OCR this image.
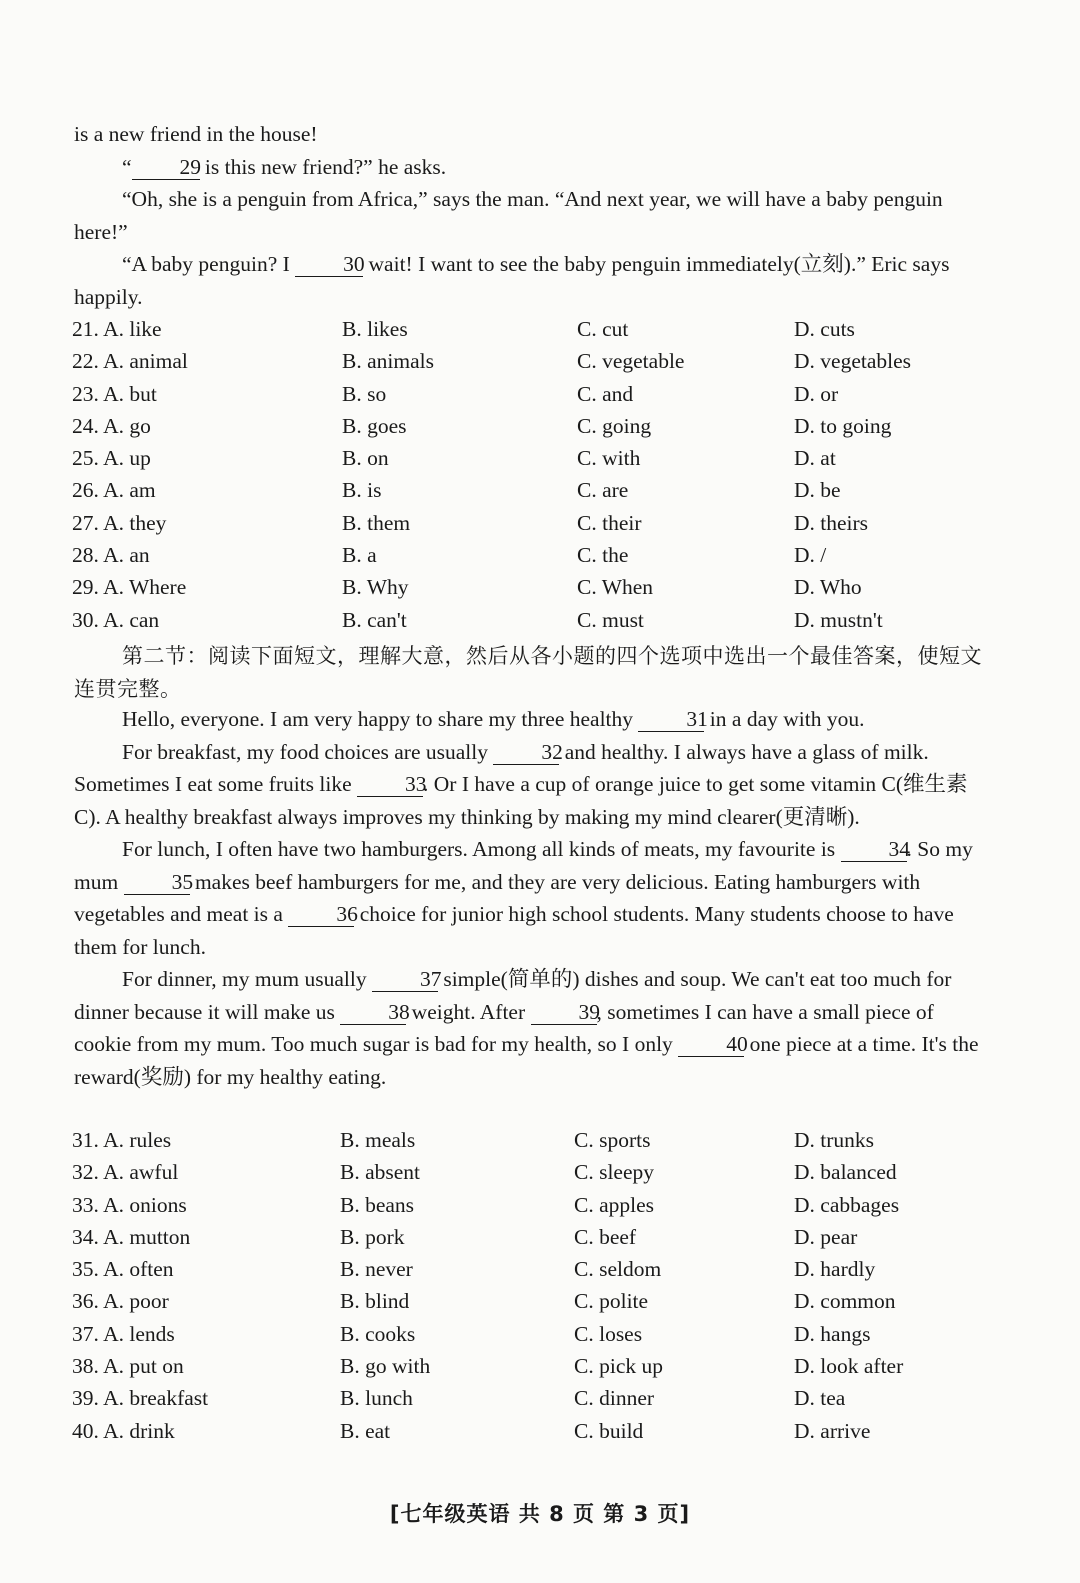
is a new friend in the house!

“ 29 is this new friend?” he asks.

“Oh, she is a penguin from Africa,” says the man. “And next year, we will have a baby penguin here!”

“A baby penguin? I 30 wait! I want to see the baby penguin immediately(立刻).” Eric says happily.

21. A. like	B. likes	C. cut	D. cuts
22. A. animal	B. animals	C. vegetable	D. vegetables
23. A. but	B. so	C. and	D. or
24. A. go	B. goes	C. going	D. to going
25. A. up	B. on	C. with	D. at
26. A. am	B. is	C. are	D. be
27. A. they	B. them	C. their	D. theirs
28. A. an	B. a	C. the	D. /
29. A. Where	B. Why	C. When	D. Who
30. A. can	B. can't	C. must	D. mustn't

第二节：阅读下面短文，理解大意，然后从各小题的四个选项中选出一个最佳答案，使短文连贯完整。

Hello, everyone. I am very happy to share my three healthy 31 in a day with you.

For breakfast, my food choices are usually 32 and healthy. I always have a glass of milk. Sometimes I eat some fruits like 33. Or I have a cup of orange juice to get some vitamin C(维生素 C). A healthy breakfast always improves my thinking by making my mind clearer(更清晰).

For lunch, I often have two hamburgers. Among all kinds of meats, my favourite is 34. So my mum 35 makes beef hamburgers for me, and they are very delicious. Eating hamburgers with vegetables and meat is a 36 choice for junior high school students. Many students choose to have them for lunch.

For dinner, my mum usually 37 simple(简单的) dishes and soup. We can't eat too much for dinner because it will make us 38 weight. After 39, sometimes I can have a small piece of cookie from my mum. Too much sugar is bad for my health, so I only 40 one piece at a time. It's the reward(奖励) for my healthy eating.

31. A. rules	B. meals	C. sports	D. trunks
32. A. awful	B. absent	C. sleepy	D. balanced
33. A. onions	B. beans	C. apples	D. cabbages
34. A. mutton	B. pork	C. beef	D. pear
35. A. often	B. never	C. seldom	D. hardly
36. A. poor	B. blind	C. polite	D. common
37. A. lends	B. cooks	C. loses	D. hangs
38. A. put on	B. go with	C. pick up	D. look after
39. A. breakfast	B. lunch	C. dinner	D. tea
40. A. drink	B. eat	C. build	D. arrive
[七年级英语 共 8 页 第 3 页]
